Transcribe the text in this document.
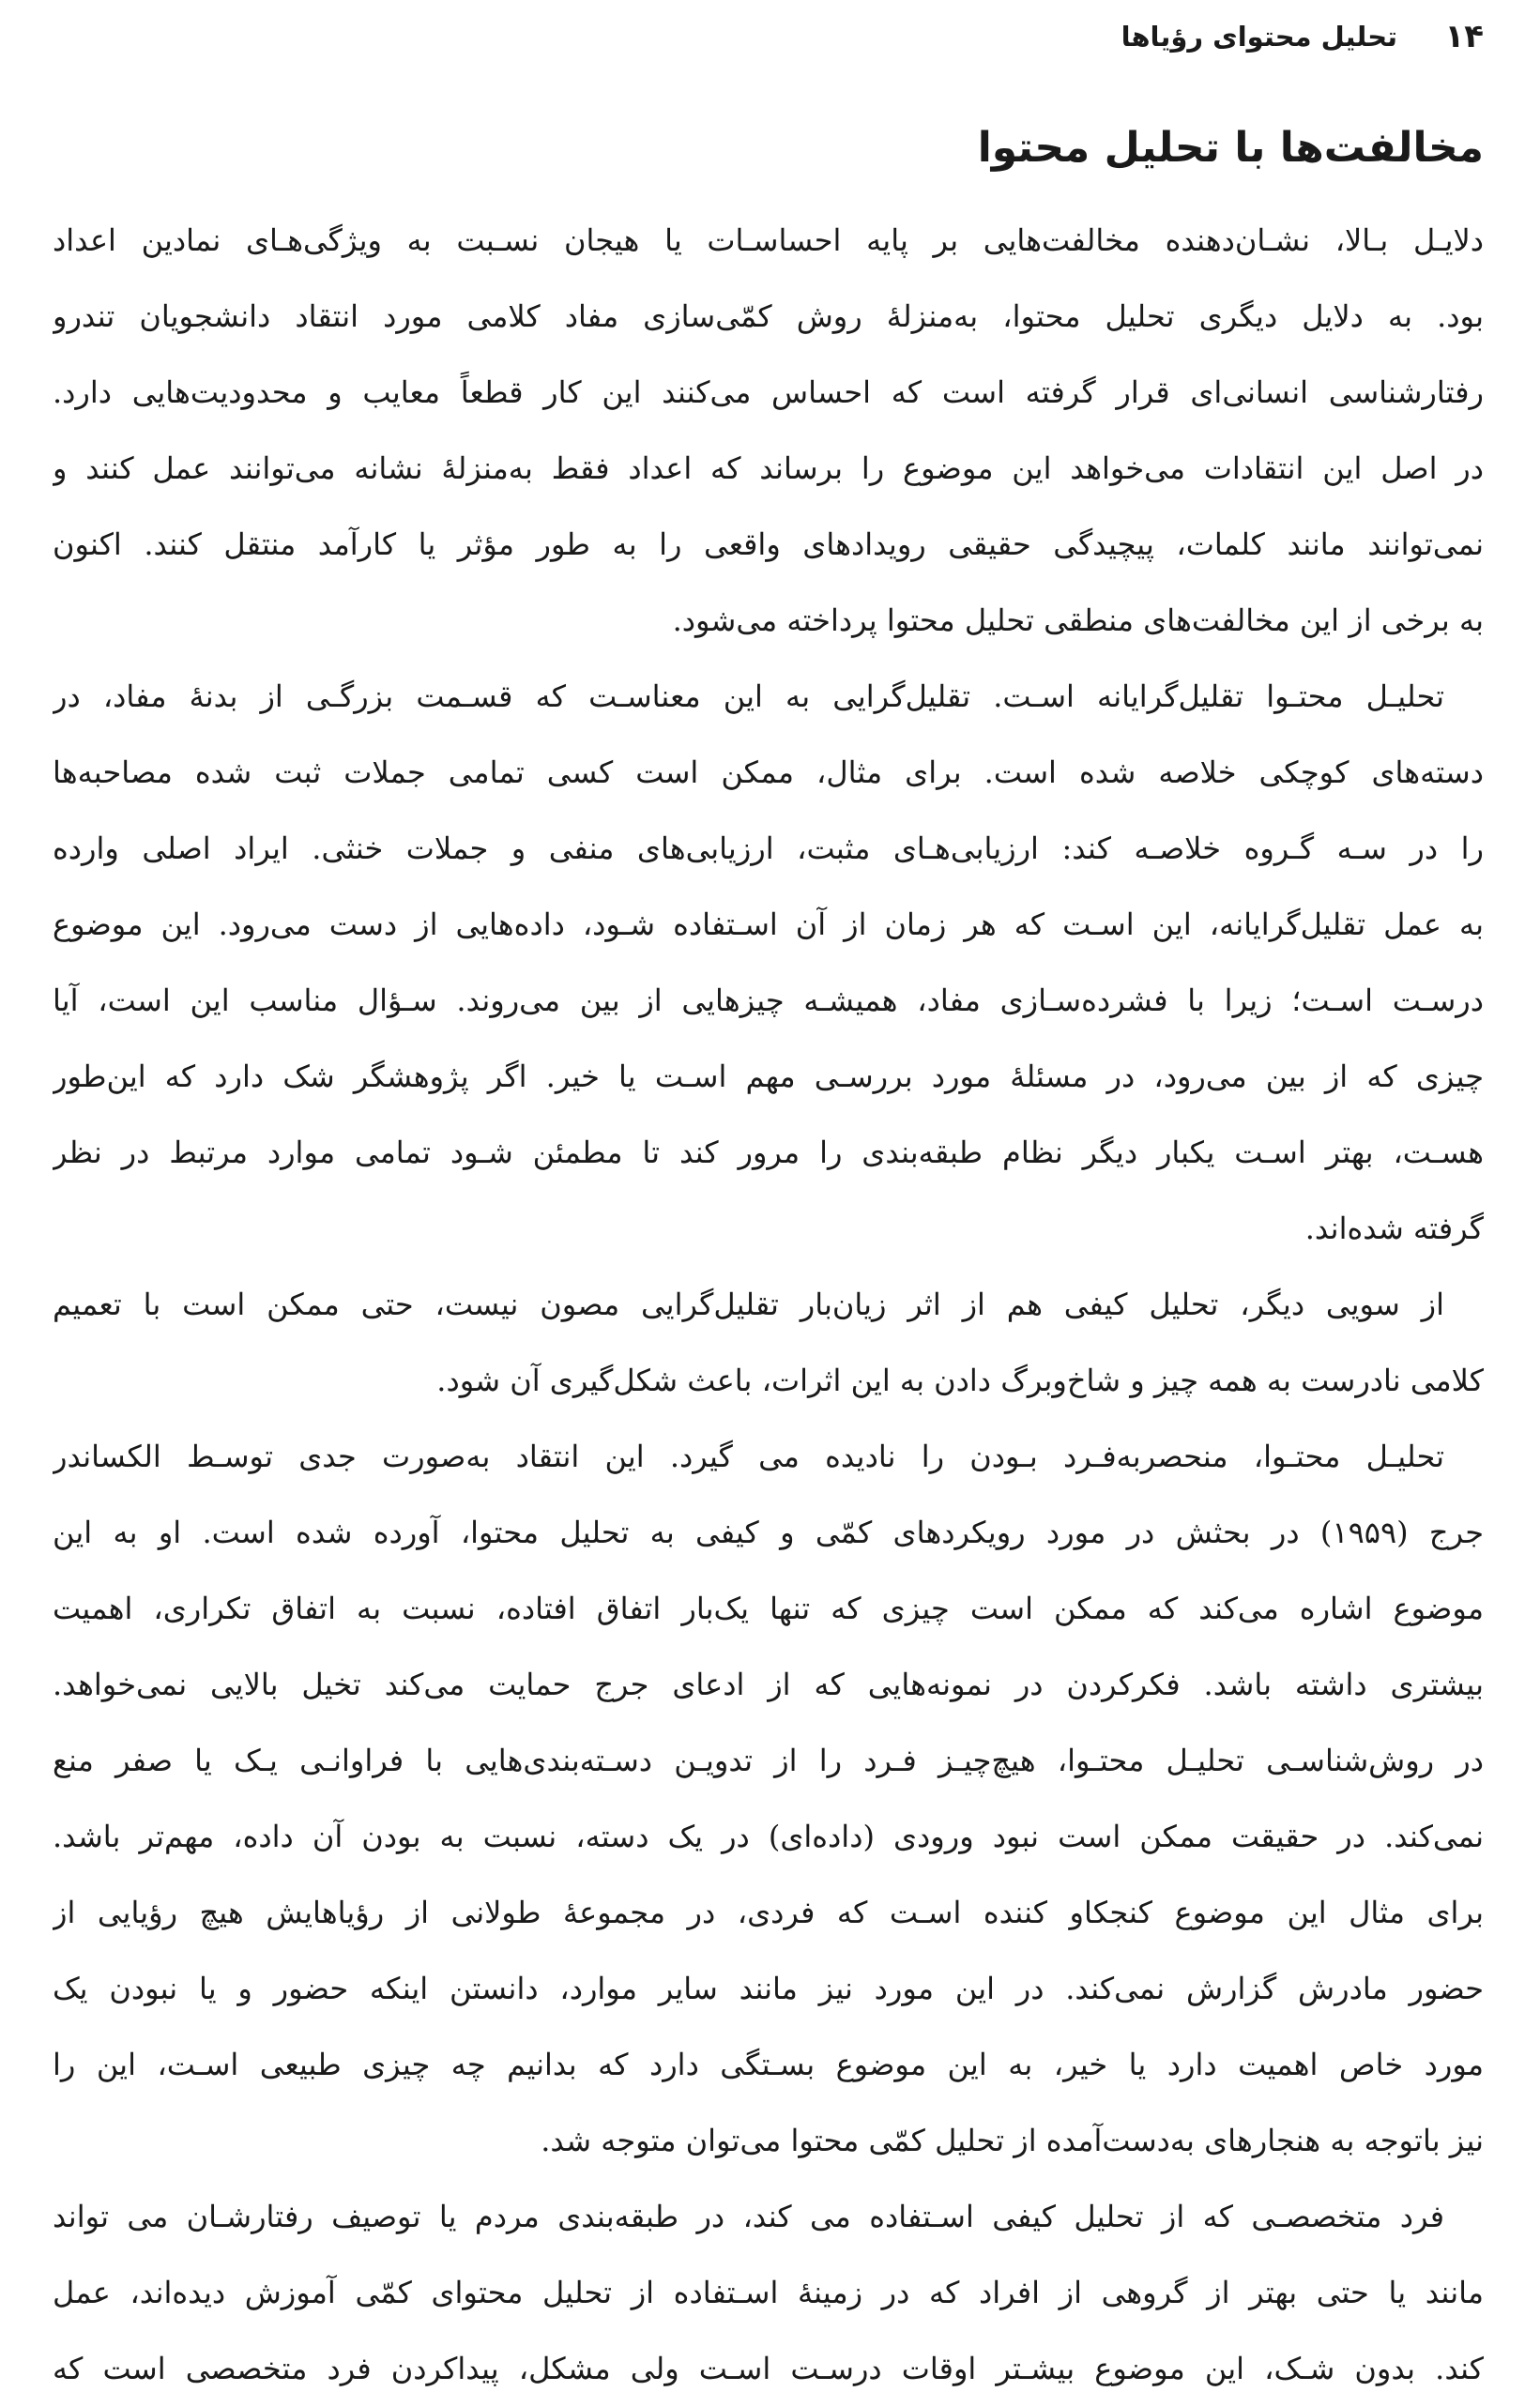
۱۴
تحلیل محتوای رؤیاها
مخالفت‌ها با تحلیل محتوا
دلایـل بـالا، نشـان‌دهنده مخالفت‌هایی بر پایه احساسـات یا هیجان نسـبت به ویژگی‌هـای نمادین اعداد
بود. به دلایل دیگری تحلیل محتوا، به‌منزلهٔ روش کمّی‌سازی مفاد کلامی مورد انتقاد دانشجویان تندرو
رفتارشناسی انسانی‌ای قرار گرفته است که احساس می‌کنند این کار قطعاً معایب و محدودیت‌هایی دارد.
در اصل این انتقادات می‌خواهد این موضوع را برساند که اعداد فقط به‌منزلهٔ نشانه می‌توانند عمل کنند و
نمی‌توانند مانند کلمات، پیچیدگی حقیقی رویدادهای واقعی را به طور مؤثر یا کارآمد منتقل کنند. اکنون
به برخی از این مخالفت‌های منطقی تحلیل محتوا پرداخته می‌شود.
تحلیـل محتـوا تقلیل‌گرایانه اسـت. تقلیل‌گرایی به این معناسـت که قسـمت بزرگـی از بدنهٔ مفاد، در
دسته‌های کوچکی خلاصه شده است. برای مثال، ممکن است کسی تمامی جملات ثبت شده مصاحبه‌ها
را در سـه گـروه خلاصـه کند: ارزیابی‌هـای مثبت، ارزیابی‌های منفی و جملات خنثی. ایراد اصلی وارده
به عمل تقلیل‌گرایانه، این اسـت که هر زمان از آن اسـتفاده شـود، داده‌هایی از دست می‌رود. این موضوع
درسـت اسـت؛ زیرا با فشرده‌سـازی مفاد، همیشـه چیزهایی از بین می‌روند. سـؤال مناسب این است، آیا
چیزی که از بین می‌رود، در مسئلهٔ مورد بررسـی مهم اسـت یا خیر. اگر پژوهشگر شک دارد که این‌طور
هسـت، بهتر اسـت یکبار دیگر نظام طبقه‌بندی را مرور کند تا مطمئن شـود تمامی موارد مرتبط در نظر
گرفته شده‌اند.
از سویی دیگر، تحلیل کیفی هم از اثر زیان‌بار تقلیل‌گرایی مصون نیست، حتی ممکن است با تعمیم
کلامی نادرست به همه چیز و شاخ‌وبرگ دادن به این اثرات، باعث شکل‌گیری آن شود.
تحلیـل محتـوا، منحصربه‌فـرد بـودن را نادیده می گیرد. این انتقاد به‌صورت جدی توسـط الکساندر
جرج (۱۹۵۹) در بحثش در مورد رویکردهای کمّی و کیفی به تحلیل محتوا، آورده شده است. او به این
موضوع اشاره می‌کند که ممکن است چیزی که تنها یک‌بار اتفاق افتاده، نسبت به اتفاق تکراری، اهمیت
بیشتری داشته باشد. فکرکردن در نمونه‌هایی که از ادعای جرج حمایت می‌کند تخیل بالایی نمی‌خواهد.
در روش‌شناسـی تحلیـل محتـوا، هیچ‌چیـز فـرد را از تدویـن دسـته‌بندی‌هایی با فراوانـی یـک یا صفر منع
نمی‌کند. در حقیقت ممکن است نبود ورودی (داده‌ای) در یک دسته، نسبت به بودن آن داده، مهم‌تر باشد.
برای مثال این موضوع کنجکاو کننده اسـت که فردی، در مجموعهٔ طولانی از رؤیاهایش هیچ رؤیایی از
حضور مادرش گزارش نمی‌کند. در این مورد نیز مانند سایر موارد، دانستن اینکه حضور و یا نبودن یک
مورد خاص اهمیت دارد یا خیر، به این موضوع بسـتگی دارد که بدانیم چه چیزی طبیعی اسـت، این را
نیز باتوجه به هنجارهای به‌دست‌آمده از تحلیل کمّی محتوا می‌توان متوجه شد.
فرد متخصصـی که از تحلیل کیفی اسـتفاده می کند، در طبقه‌بندی مردم یا توصیف رفتارشـان می تواند
مانند یا حتی بهتر از گروهی از افراد که در زمینهٔ اسـتفاده از تحلیل محتوای کمّی آموزش دیده‌اند، عمل
کند. بدون شـک، این موضوع بیشـتر اوقات درسـت اسـت ولی مشکل، پیداکردن فرد متخصصی است که
